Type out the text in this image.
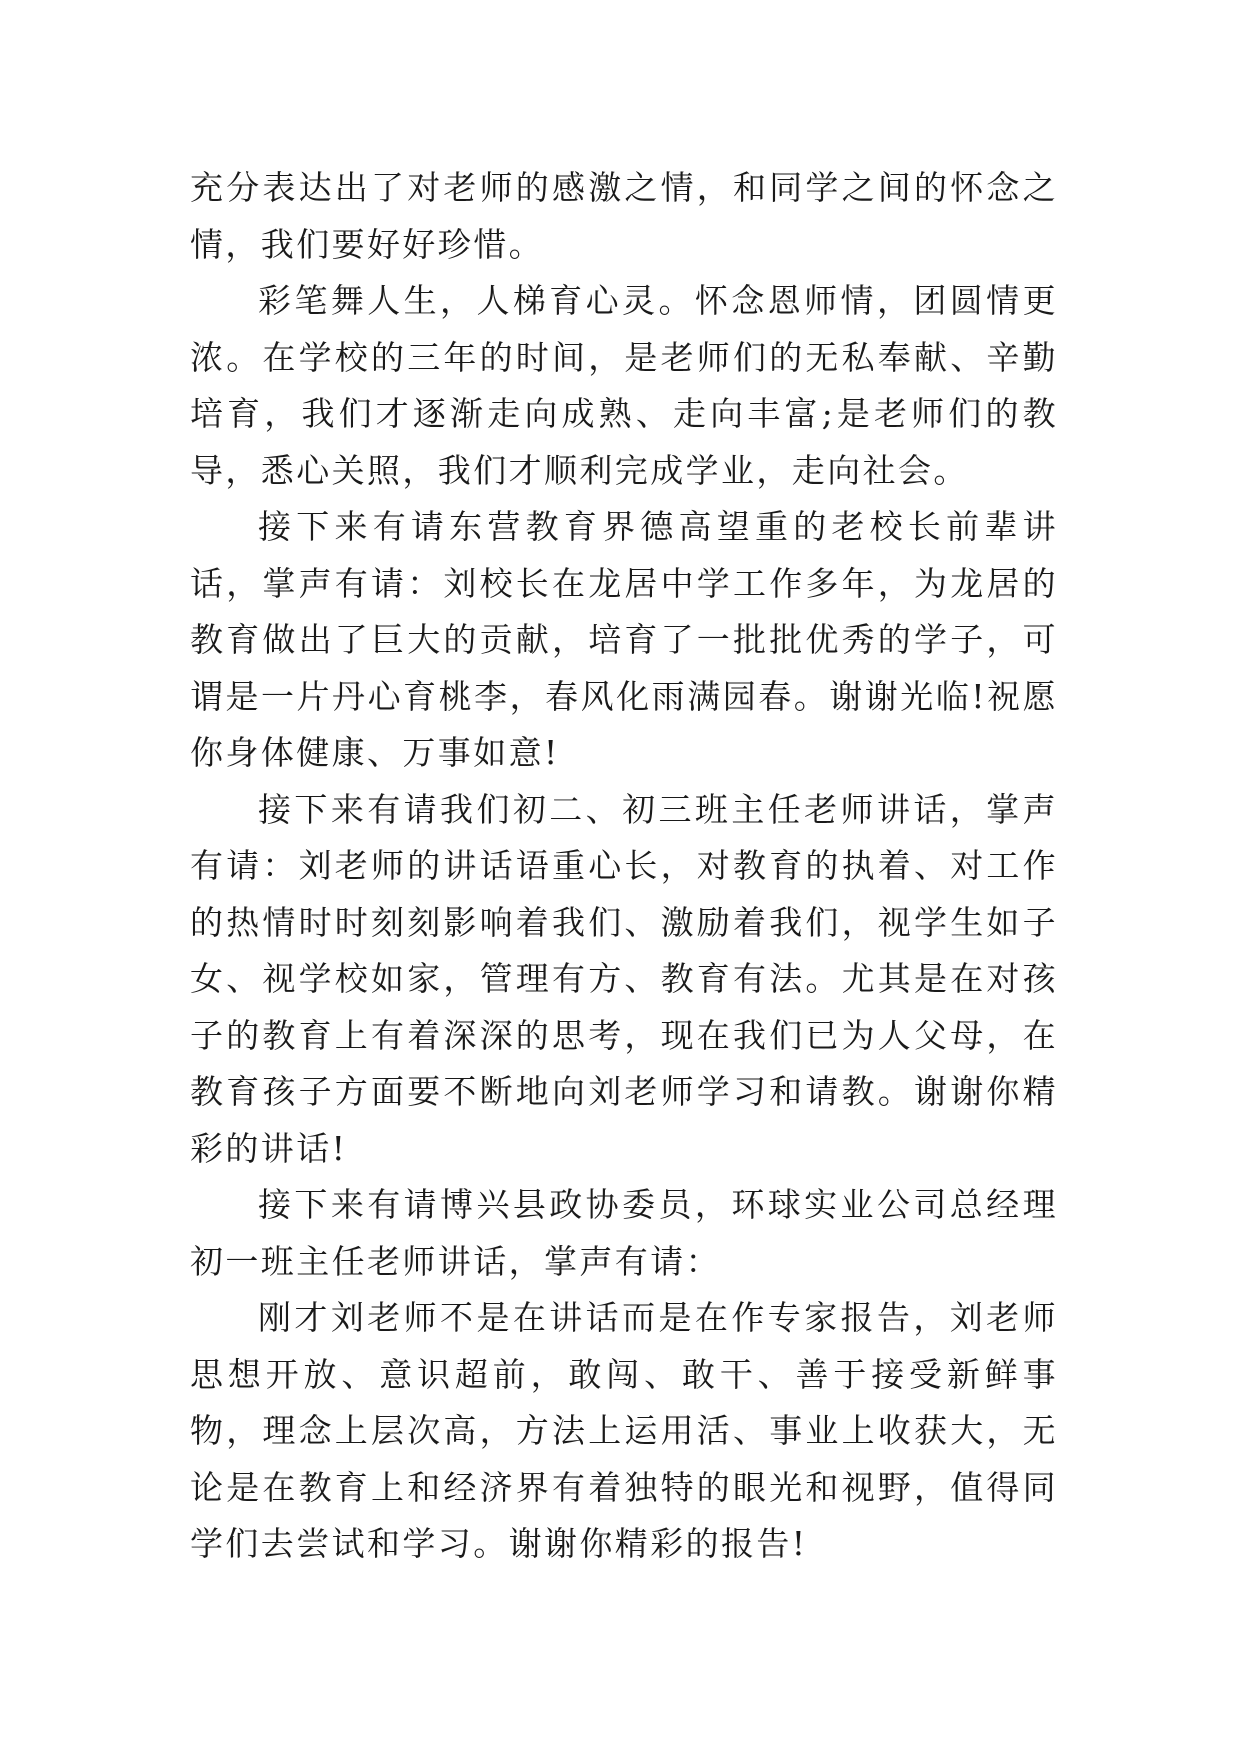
充分表达出了对老师的感激之情，和同学之间的怀念之情，我们要好好珍惜。

彩笔舞人生，人梯育心灵。怀念恩师情，团圆情更浓。在学校的三年的时间，是老师们的无私奉献、辛勤培育，我们才逐渐走向成熟、走向丰富;是老师们的教导，悉心关照，我们才顺利完成学业，走向社会。

接下来有请东营教育界德高望重的老校长前辈讲话，掌声有请：刘校长在龙居中学工作多年，为龙居的教育做出了巨大的贡献，培育了一批批优秀的学子，可谓是一片丹心育桃李，春风化雨满园春。谢谢光临!祝愿你身体健康、万事如意!

接下来有请我们初二、初三班主任老师讲话，掌声有请：刘老师的讲话语重心长，对教育的执着、对工作的热情时时刻刻影响着我们、激励着我们，视学生如子女、视学校如家，管理有方、教育有法。尤其是在对孩子的教育上有着深深的思考，现在我们已为人父母，在教育孩子方面要不断地向刘老师学习和请教。谢谢你精彩的讲话!

接下来有请博兴县政协委员，环球实业公司总经理初一班主任老师讲话，掌声有请：

刚才刘老师不是在讲话而是在作专家报告，刘老师思想开放、意识超前，敢闯、敢干、善于接受新鲜事物，理念上层次高，方法上运用活、事业上收获大，无论是在教育上和经济界有着独特的眼光和视野，值得同学们去尝试和学习。谢谢你精彩的报告!
